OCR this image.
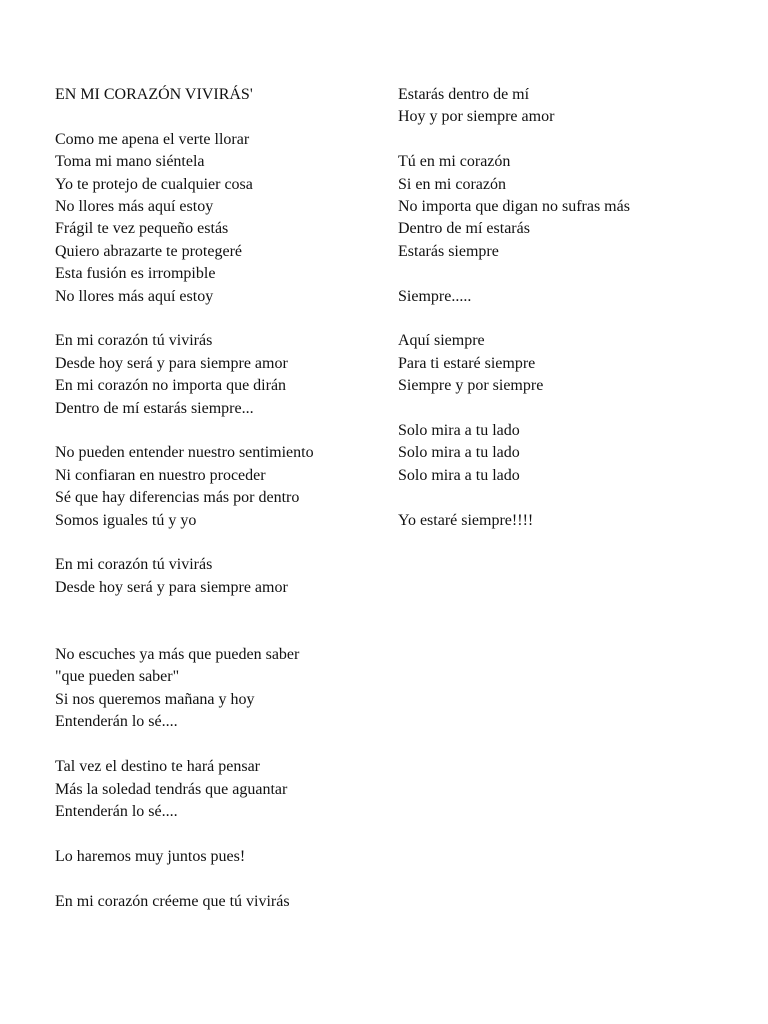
EN MI CORAZÓN VIVIRÁS'
Como me apena el verte llorar
Toma mi mano siéntela
Yo te protejo de cualquier cosa
No llores más aquí estoy
Frágil te vez pequeño estás
Quiero abrazarte te protegeré
Esta fusión es irrompible
No llores más aquí estoy
En mi corazón tú vivirás
Desde hoy será y para siempre amor
En mi corazón no importa que dirán
Dentro de mí estarás siempre...
No pueden entender nuestro sentimiento
Ni confiaran en nuestro proceder
Sé que hay diferencias más por dentro
Somos iguales tú y yo
En mi corazón tú vivirás
Desde hoy será y para siempre amor
No escuches ya más que pueden saber
"que pueden saber"
Si nos queremos mañana y hoy
Entenderán lo sé....
Tal vez el destino te hará pensar
Más la soledad tendrás que aguantar
Entenderán lo sé....
Lo haremos muy juntos pues!
En mi corazón créeme que tú vivirás
Estarás dentro de mí
Hoy y por siempre amor
Tú en mi corazón
Si en mi corazón
No importa que digan no sufras más
Dentro de mí estarás
Estarás siempre
Siempre.....
Aquí siempre
Para ti estaré siempre
Siempre y por siempre
Solo mira a tu lado
Solo mira a tu lado
Solo mira a tu lado
Yo estaré siempre!!!!
